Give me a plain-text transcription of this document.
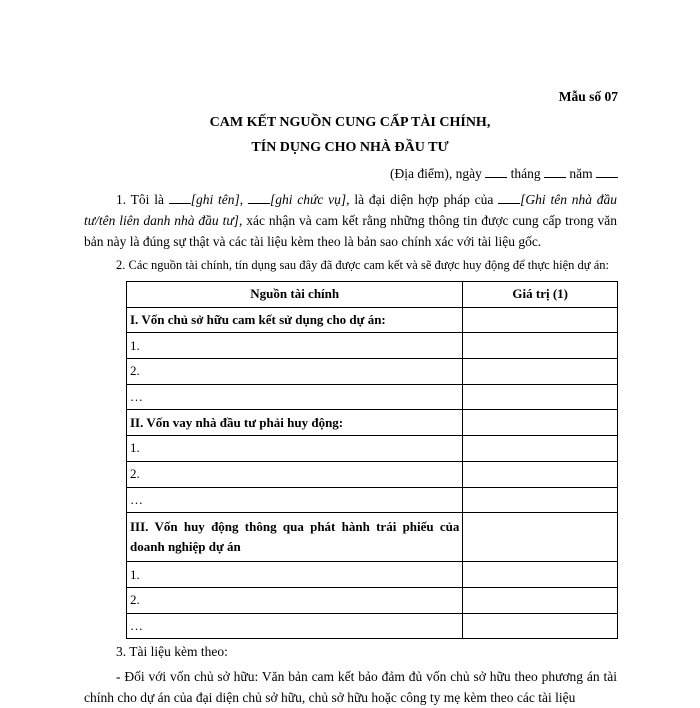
Mẫu số 07
CAM KẾT NGUỒN CUNG CẤP TÀI CHÍNH,
TÍN DỤNG CHO NHÀ ĐẦU TƯ
(Địa điểm), ngày tháng năm
1. Tôi là [ghi tên], [ghi chức vụ], là đại diện hợp pháp của [Ghi tên nhà đầu tư/tên liên danh nhà đầu tư], xác nhận và cam kết rằng những thông tin được cung cấp trong văn bản này là đúng sự thật và các tài liệu kèm theo là bản sao chính xác với tài liệu gốc.
2. Các nguồn tài chính, tín dụng sau đây đã được cam kết và sẽ được huy động để thực hiện dự án:
Nguồn tài chính	Giá trị (1)
I. Vốn chủ sở hữu cam kết sử dụng cho dự án:	
1.	
2.	
…	
II. Vốn vay nhà đầu tư phải huy động:	
1.	
2.	
…	
III. Vốn huy động thông qua phát hành trái phiếu của doanh nghiệp dự án	
1.	
2.	
…	
3. Tài liệu kèm theo:
- Đối với vốn chủ sở hữu: Văn bản cam kết bảo đảm đủ vốn chủ sở hữu theo phương án tài chính cho dự án của đại diện chủ sở hữu, chủ sở hữu hoặc công ty mẹ kèm theo các tài liệu
